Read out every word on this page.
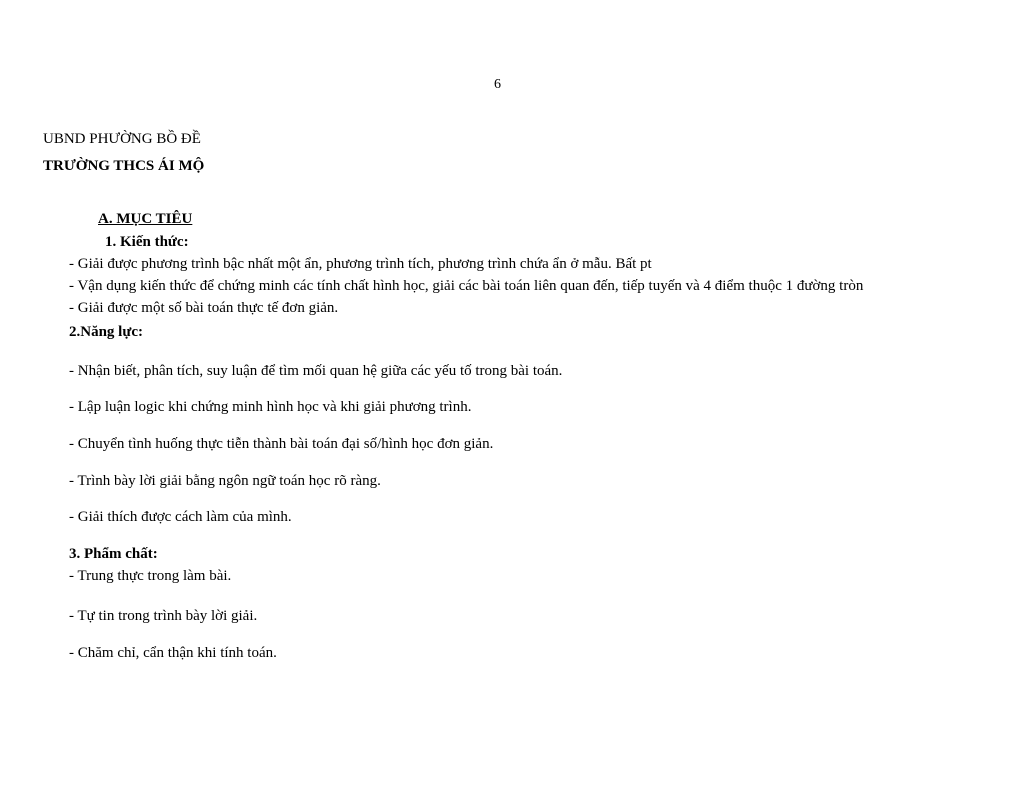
6
UBND PHƯỜNG BỒ ĐỀ
TRƯỜNG THCS ÁI MỘ
A. MỤC TIÊU
1. Kiến thức:
- Giải được phương trình bậc nhất một ẩn, phương trình tích, phương trình chứa ẩn ở mẫu. Bất pt
- Vận dụng kiến thức để chứng minh các tính chất hình học, giải các bài toán liên quan đến, tiếp tuyến và 4 điểm thuộc 1 đường tròn
- Giải được một số bài toán thực tế đơn giản.
2.Năng lực:
- Nhận biết, phân tích, suy luận để tìm mối quan hệ giữa các yếu tố trong bài toán.
- Lập luận logic khi chứng minh hình học và khi giải phương trình.
- Chuyển tình huống thực tiễn thành bài toán đại số/hình học đơn giản.
- Trình bày lời giải bằng ngôn ngữ toán học rõ ràng.
- Giải thích được cách làm của mình.
3. Phẩm chất:
- Trung thực trong làm bài.
- Tự tin trong trình bày lời giải.
- Chăm chỉ, cẩn thận khi tính toán.
